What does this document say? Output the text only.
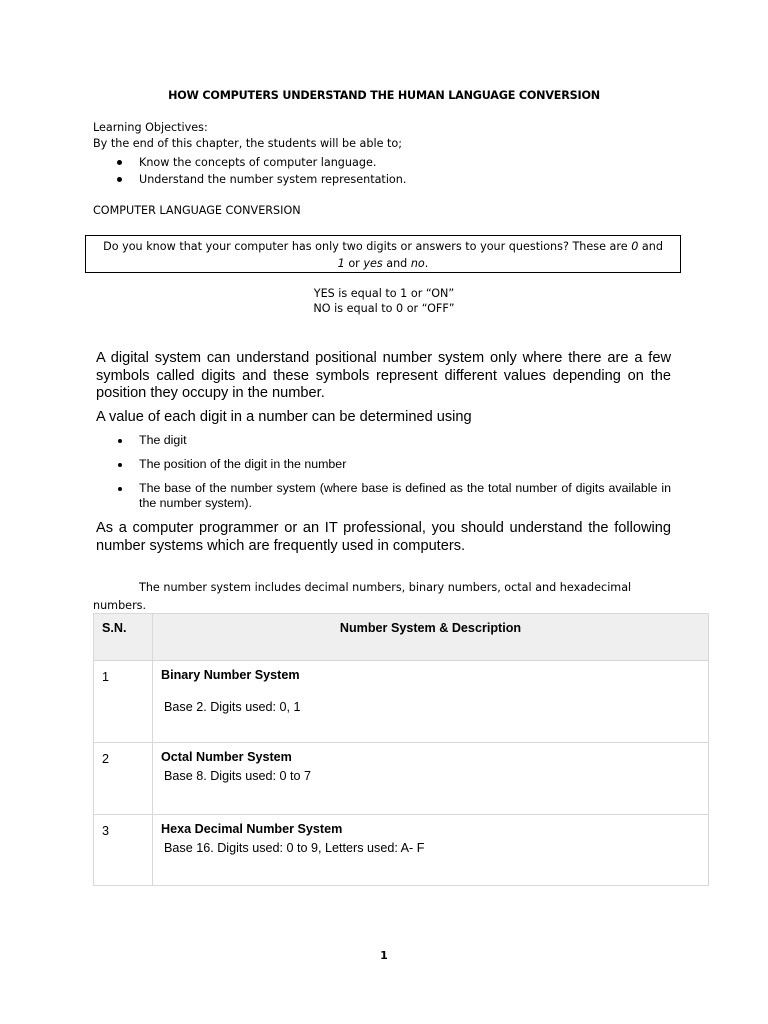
HOW COMPUTERS UNDERSTAND THE HUMAN LANGUAGE CONVERSION
Learning Objectives:
By the end of this chapter, the students will be able to;
Know the concepts of computer language.
Understand the number system representation.
COMPUTER LANGUAGE CONVERSION
Do you know that your computer has only two digits or answers to your questions? These are 0 and
1 or yes and no.
YES is equal to 1 or “ON”
NO is equal to 0 or “OFF”
A digital system can understand positional number system only where there are a few symbols called digits and these symbols represent different values depending on the position they occupy in the number.
A value of each digit in a number can be determined using
The digit
The position of the digit in the number
The base of the number system (where base is defined as the total number of digits available in the number system).
As a computer programmer or an IT professional, you should understand the following number systems which are frequently used in computers.
The number system includes decimal numbers, binary numbers, octal and hexadecimal numbers.
S.N.	Number System & Description
1	Binary Number System
Base 2. Digits used: 0, 1

2	Octal Number System
Base 8. Digits used: 0 to 7

3	Hexa Decimal Number System
Base 16. Digits used: 0 to 9, Letters used: A- F
1
